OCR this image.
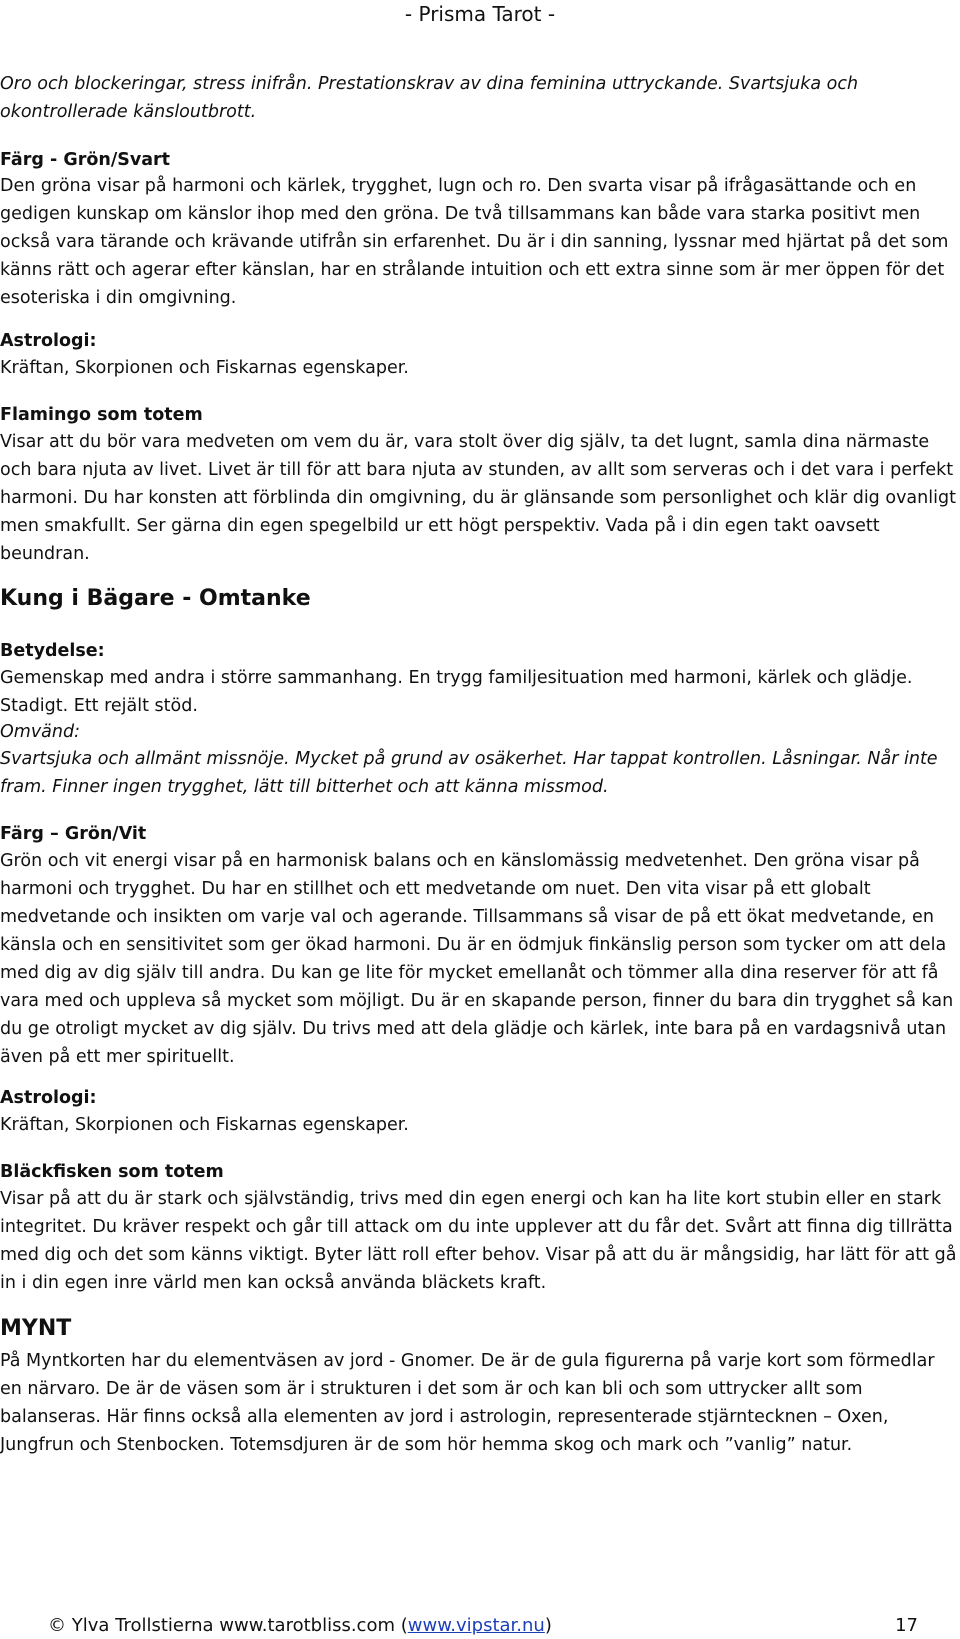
- Prisma Tarot -

Oro och blockeringar, stress inifrån. Prestationskrav av dina feminina uttryckande. Svartsjuka och okontrollerade känsloutbrott.

Färg - Grön/Svart

Den gröna visar på harmoni och kärlek, trygghet, lugn och ro. Den svarta visar på ifrågasättande och en gedigen kunskap om känslor ihop med den gröna. De två tillsammans kan både vara starka positivt men också vara tärande och krävande utifrån sin erfarenhet. Du är i din sanning, lyssnar med hjärtat på det som känns rätt och agerar efter känslan, har en strålande intuition och ett extra sinne som är mer öppen för det esoteriska i din omgivning.

Astrologi:

Kräftan, Skorpionen och Fiskarnas egenskaper.

Flamingo som totem

Visar att du bör vara medveten om vem du är, vara stolt över dig själv, ta det lugnt, samla dina närmaste och bara njuta av livet. Livet är till för att bara njuta av stunden, av allt som serveras och i det vara i perfekt harmoni. Du har konsten att förblinda din omgivning, du är glänsande som personlighet och klär dig ovanligt men smakfullt. Ser gärna din egen spegelbild ur ett högt perspektiv. Vada på i din egen takt oavsett beundran.

Kung i Bägare - Omtanke

Betydelse:

Gemenskap med andra i större sammanhang. En trygg familjesituation med harmoni, kärlek och glädje. Stadigt. Ett rejält stöd.

Omvänd:

Svartsjuka och allmänt missnöje. Mycket på grund av osäkerhet. Har tappat kontrollen. Låsningar. Når inte fram. Finner ingen trygghet, lätt till bitterhet och att känna missmod.

Färg – Grön/Vit

Grön och vit energi visar på en harmonisk balans och en känslomässig medvetenhet. Den gröna visar på harmoni och trygghet. Du har en stillhet och ett medvetande om nuet. Den vita visar på ett globalt medvetande och insikten om varje val och agerande. Tillsammans så visar de på ett ökat medvetande, en känsla och en sensitivitet som ger ökad harmoni. Du är en ödmjuk finkänslig person som tycker om att dela med dig av dig själv till andra. Du kan ge lite för mycket emellanåt och tömmer alla dina reserver för att få vara med och uppleva så mycket som möjligt. Du är en skapande person, finner du bara din trygghet så kan du ge otroligt mycket av dig själv. Du trivs med att dela glädje och kärlek, inte bara på en vardagsnivå utan även på ett mer spirituellt.

Astrologi:

Kräftan, Skorpionen och Fiskarnas egenskaper.

Bläckfisken som totem

Visar på att du är stark och självständig, trivs med din egen energi och kan ha lite kort stubin eller en stark integritet. Du kräver respekt och går till attack om du inte upplever att du får det. Svårt att finna dig tillrätta med dig och det som känns viktigt. Byter lätt roll efter behov. Visar på att du är mångsidig, har lätt för att gå in i din egen inre värld men kan också använda bläckets kraft.

MYNT

På Myntkorten har du elementväsen av jord - Gnomer. De är de gula figurerna på varje kort som förmedlar en närvaro. De är de väsen som är i strukturen i det som är och kan bli och som uttrycker allt som balanseras. Här finns också alla elementen av jord i astrologin, representerade stjärntecknen – Oxen, Jungfrun och Stenbocken. Totemsdjuren är de som hör hemma skog och mark och ”vanlig” natur.

© Ylva Trollstierna www.tarotbliss.com (www.vipstar.nu)	17
